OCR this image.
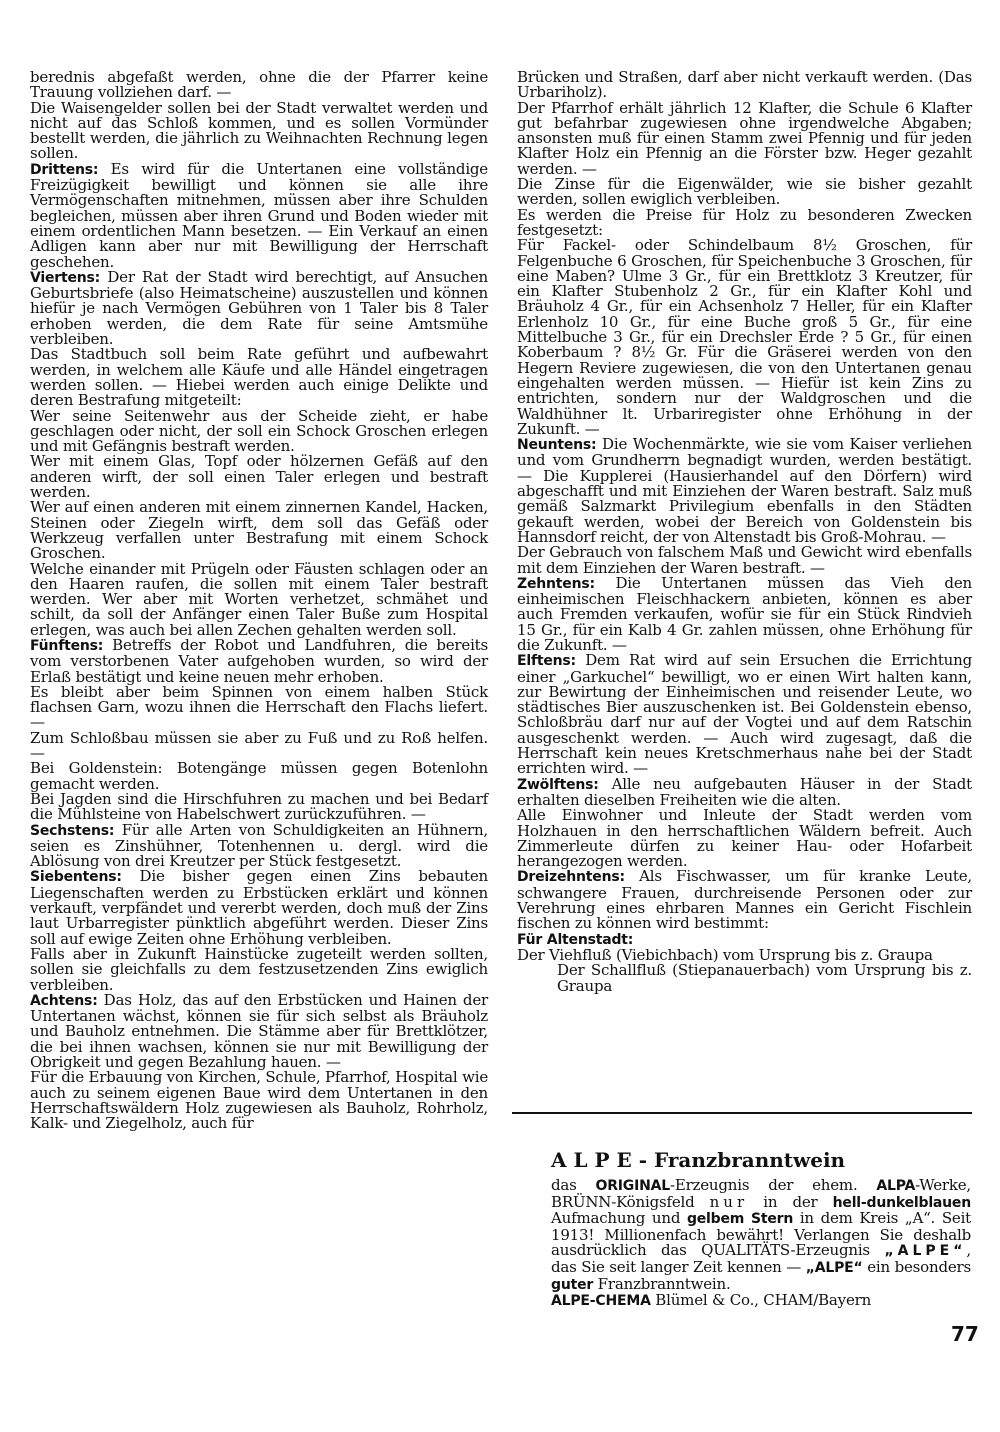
berednis abgefaßt werden, ohne die der Pfarrer keine Trauung vollziehen darf. —

Die Waisengelder sollen bei der Stadt verwaltet werden und nicht auf das Schloß kommen, und es sollen Vormünder bestellt werden, die jährlich zu Weihnachten Rechnung legen sollen.

Drittens: Es wird für die Untertanen eine vollständige Freizügigkeit bewilligt und können sie alle ihre Vermögenschaften mitnehmen, müssen aber ihre Schulden begleichen, müssen aber ihren Grund und Boden wieder mit einem ordentlichen Mann besetzen. — Ein Verkauf an einen Adligen kann aber nur mit Bewilligung der Herrschaft geschehen.

Viertens: Der Rat der Stadt wird berechtigt, auf Ansuchen Geburtsbriefe (also Heimatscheine) auszustellen und können hiefür je nach Vermögen Gebühren von 1 Taler bis 8 Taler erhoben werden, die dem Rate für seine Amtsmühe verbleiben.

Das Stadtbuch soll beim Rate geführt und aufbewahrt werden, in welchem alle Käufe und alle Händel eingetragen werden sollen. — Hiebei werden auch einige Delikte und deren Bestrafung mitgeteilt:

Wer seine Seitenwehr aus der Scheide zieht, er habe geschlagen oder nicht, der soll ein Schock Groschen erlegen und mit Gefängnis bestraft werden.

Wer mit einem Glas, Topf oder hölzernen Gefäß auf den anderen wirft, der soll einen Taler erlegen und bestraft werden.

Wer auf einen anderen mit einem zinnernen Kandel, Hacken, Steinen oder Ziegeln wirft, dem soll das Gefäß oder Werkzeug verfallen unter Bestrafung mit einem Schock Groschen.

Welche einander mit Prügeln oder Fäusten schlagen oder an den Haaren raufen, die sollen mit einem Taler bestraft werden. Wer aber mit Worten verhetzet, schmähet und schilt, da soll der Anfänger einen Taler Buße zum Hospital erlegen, was auch bei allen Zechen gehalten werden soll.

Fünftens: Betreffs der Robot und Landfuhren, die bereits vom verstorbenen Vater aufgehoben wurden, so wird der Erlaß bestätigt und keine neuen mehr erhoben.

Es bleibt aber beim Spinnen von einem halben Stück flachsen Garn, wozu ihnen die Herrschaft den Flachs liefert. —

Zum Schloßbau müssen sie aber zu Fuß und zu Roß helfen. —

Bei Goldenstein: Botengänge müssen gegen Botenlohn gemacht werden.

Bei Jagden sind die Hirschfuhren zu machen und bei Bedarf die Mühlsteine von Habelschwert zurückzuführen. —

Sechstens: Für alle Arten von Schuldigkeiten an Hühnern, seien es Zinshühner, Totenhennen u. dergl. wird die Ablösung von drei Kreutzer per Stück festgesetzt.

Siebentens: Die bisher gegen einen Zins bebauten Liegenschaften werden zu Erbstücken erklärt und können verkauft, verpfändet und vererbt werden, doch muß der Zins laut Urbarregister pünktlich abgeführt werden. Dieser Zins soll auf ewige Zeiten ohne Erhöhung verbleiben.

Falls aber in Zukunft Hainstücke zugeteilt werden sollten, sollen sie gleichfalls zu dem festzusetzenden Zins ewiglich verbleiben.

Achtens: Das Holz, das auf den Erbstücken und Hainen der Untertanen wächst, können sie für sich selbst als Bräuholz und Bauholz entnehmen. Die Stämme aber für Brettklötzer, die bei ihnen wachsen, können sie nur mit Bewilligung der Obrigkeit und gegen Bezahlung hauen. —

Für die Erbauung von Kirchen, Schule, Pfarrhof, Hospital wie auch zu seinem eigenen Baue wird dem Untertanen in den Herrschaftswäldern Holz zugewiesen als Bauholz, Rohrholz, Kalk- und Ziegelholz, auch für

Brücken und Straßen, darf aber nicht verkauft werden. (Das Urbariholz).

Der Pfarrhof erhält jährlich 12 Klafter, die Schule 6 Klafter gut befahrbar zugewiesen ohne irgendwelche Abgaben; ansonsten muß für einen Stamm zwei Pfennig und für jeden Klafter Holz ein Pfennig an die Förster bzw. Heger gezahlt werden. —

Die Zinse für die Eigenwälder, wie sie bisher gezahlt werden, sollen ewiglich verbleiben.

Es werden die Preise für Holz zu besonderen Zwecken festgesetzt:

Für Fackel- oder Schindelbaum 8½ Groschen, für Felgenbuche 6 Groschen, für Speichenbuche 3 Groschen, für eine Maben? Ulme 3 Gr., für ein Brettklotz 3 Kreutzer, für ein Klafter Stubenholz 2 Gr., für ein Klafter Kohl und Bräuholz 4 Gr., für ein Achsenholz 7 Heller, für ein Klafter Erlenholz 10 Gr., für eine Buche groß 5 Gr., für eine Mittelbuche 3 Gr., für ein Drechsler Erde ? 5 Gr., für einen Koberbaum ? 8½ Gr. Für die Gräserei werden von den Hegern Reviere zugewiesen, die von den Untertanen genau eingehalten werden müssen. — Hiefür ist kein Zins zu entrichten, sondern nur der Waldgroschen und die Waldhühner lt. Urbariregister ohne Erhöhung in der Zukunft. —

Neuntens: Die Wochenmärkte, wie sie vom Kaiser verliehen und vom Grundherrn begnadigt wurden, werden bestätigt. — Die Kupplerei (Hausierhandel auf den Dörfern) wird abgeschafft und mit Einziehen der Waren bestraft. Salz muß gemäß Salzmarkt Privilegium ebenfalls in den Städten gekauft werden, wobei der Bereich von Goldenstein bis Hannsdorf reicht, der von Altenstadt bis Groß-Mohrau. —

Der Gebrauch von falschem Maß und Gewicht wird ebenfalls mit dem Einziehen der Waren bestraft. —

Zehntens: Die Untertanen müssen das Vieh den einheimischen Fleischhackern anbieten, können es aber auch Fremden verkaufen, wofür sie für ein Stück Rindvieh 15 Gr., für ein Kalb 4 Gr. zahlen müssen, ohne Erhöhung für die Zukunft. —

Elftens: Dem Rat wird auf sein Ersuchen die Errichtung einer „Garkuchel“ bewilligt, wo er einen Wirt halten kann, zur Bewirtung der Einheimischen und reisender Leute, wo städtisches Bier auszuschenken ist. Bei Goldenstein ebenso, Schloßbräu darf nur auf der Vogtei und auf dem Ratschin ausgeschenkt werden. — Auch wird zugesagt, daß die Herrschaft kein neues Kretschmerhaus nahe bei der Stadt errichten wird. —

Zwölftens: Alle neu aufgebauten Häuser in der Stadt erhalten dieselben Freiheiten wie die alten.

Alle Einwohner und Inleute der Stadt werden vom Holzhauen in den herrschaftlichen Wäldern befreit. Auch Zimmerleute dürfen zu keiner Hau- oder Hofarbeit herangezogen werden.

Dreizehntens: Als Fischwasser, um für kranke Leute, schwangere Frauen, durchreisende Personen oder zur Verehrung eines ehrbaren Mannes ein Gericht Fischlein fischen zu können wird bestimmt:

Für Altenstadt:

Der Viehfluß (Viebichbach) vom Ursprung bis z. Graupa

Der Schallfluß (Stiepanauerbach) vom Ursprung bis z. Graupa

A L P E - Franzbranntwein

das ORIGINAL-Erzeugnis der ehem. ALPA-Werke, BRÜNN-Königsfeld nur in der hell-dunkelblauen Aufmachung und gelbem Stern in dem Kreis „A“. Seit 1913! Millionenfach bewährt! Verlangen Sie deshalb ausdrücklich das QUALITÄTS-Erzeugnis „ALPE“, das Sie seit langer Zeit kennen — „ALPE“ ein besonders guter Franzbranntwein.
ALPE-CHEMA Blümel & Co., CHAM/Bayern

77
